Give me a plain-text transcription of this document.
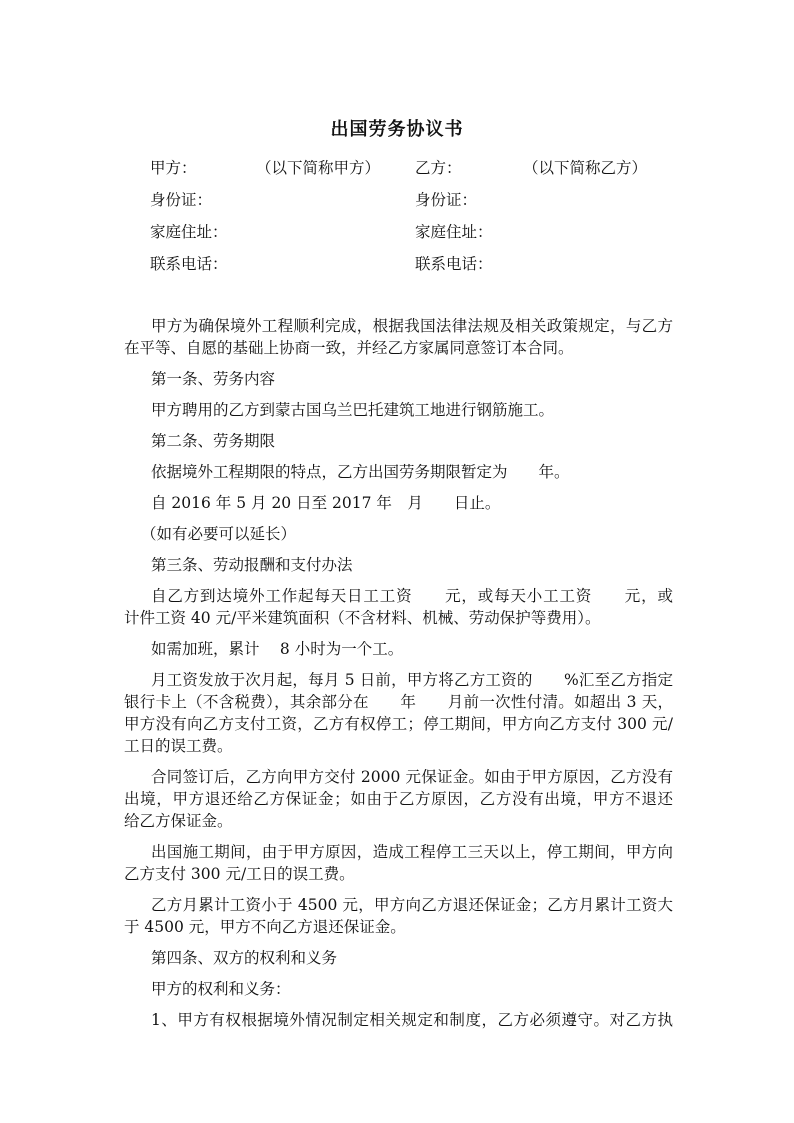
出国劳务协议书
甲方：	（以下简称甲方） 乙方：	（以下简称乙方）
身份证：	身份证：
家庭住址：	家庭住址：
联系电话：	联系电话：
甲方为确保境外工程顺利完成，根据我国法律法规及相关政策规定，与乙方
在平等、自愿的基础上协商一致，并经乙方家属同意签订本合同。
第一条、劳务内容
甲方聘用的乙方到蒙古国乌兰巴托建筑工地进行钢筋施工。
第二条、劳务期限
依据境外工程期限的特点，乙方出国劳务期限暂定为　　年。
自 2016 年 5 月 20 日至 2017 年　月　　日止。
（如有必要可以延长）
第三条、劳动报酬和支付办法
自乙方到达境外工作起每天日工工资　　元，或每天小工工资　　元，或
计件工资 40 元/平米建筑面积（不含材料、机械、劳动保护等费用）。
如需加班，累计　 8 小时为一个工。
月工资发放于次月起，每月 5 日前，甲方将乙方工资的　　%汇至乙方指定
银行卡上（不含税费），其余部分在　　年　　月前一次性付清。如超出 3 天，
甲方没有向乙方支付工资，乙方有权停工；停工期间，甲方向乙方支付 300 元/
工日的误工费。
合同签订后，乙方向甲方交付 2000 元保证金。如由于甲方原因，乙方没有
出境，甲方退还给乙方保证金；如由于乙方原因，乙方没有出境，甲方不退还
给乙方保证金。
出国施工期间，由于甲方原因，造成工程停工三天以上，停工期间，甲方向
乙方支付 300 元/工日的误工费。
乙方月累计工资小于 4500 元，甲方向乙方退还保证金；乙方月累计工资大
于 4500 元，甲方不向乙方退还保证金。
第四条、双方的权利和义务
甲方的权利和义务：
1、甲方有权根据境外情况制定相关规定和制度，乙方必须遵守。对乙方执
